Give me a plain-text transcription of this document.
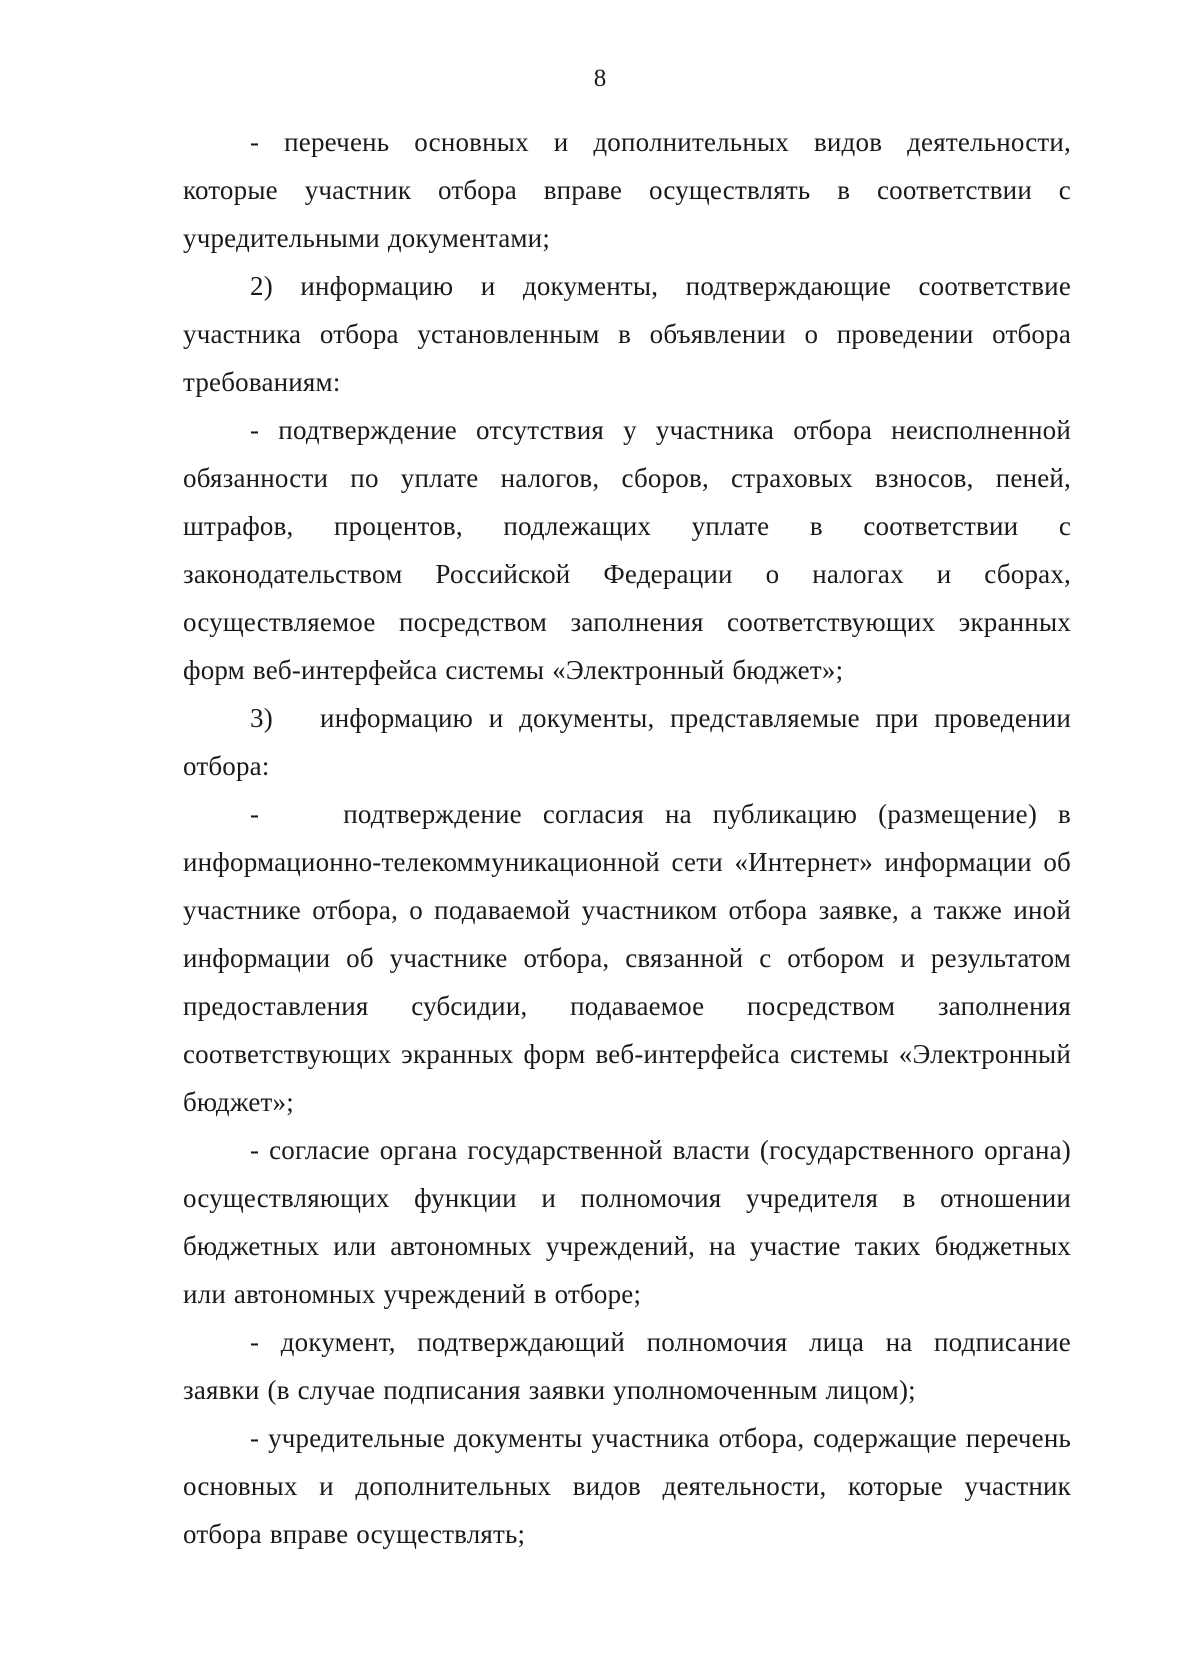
8

- перечень основных и дополнительных видов деятельности, которые участник отбора вправе осуществлять в соответствии с учредительными документами;

2) информацию и документы, подтверждающие соответствие участника отбора установленным в объявлении о проведении отбора требованиям:

- подтверждение отсутствия у участника отбора неисполненной обязанности по уплате налогов, сборов, страховых взносов, пеней, штрафов, процентов, подлежащих уплате в соответствии с законодательством Российской Федерации о налогах и сборах, осуществляемое посредством заполнения соответствующих экранных форм веб-интерфейса системы «Электронный бюджет»;

3)   информацию и документы, представляемые при проведении отбора:

-    подтверждение согласия на публикацию (размещение) в информационно-телекоммуникационной сети «Интернет» информации об участнике отбора, о подаваемой участником отбора заявке, а также иной информации об участнике отбора, связанной с отбором и результатом предоставления субсидии, подаваемое посредством заполнения соответствующих экранных форм веб-интерфейса системы «Электронный бюджет»;

- согласие органа государственной власти (государственного органа) осуществляющих функции и полномочия учредителя в отношении бюджетных или автономных учреждений, на участие таких бюджетных или автономных учреждений в отборе;

- документ, подтверждающий полномочия лица на подписание заявки (в случае подписания заявки уполномоченным лицом);

- учредительные документы участника отбора, содержащие перечень основных и дополнительных видов деятельности, которые участник отбора вправе осуществлять;
